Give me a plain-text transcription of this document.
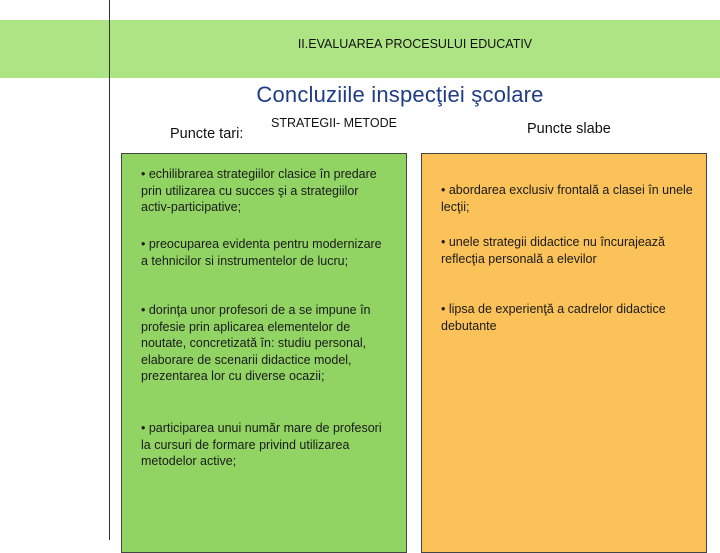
II.EVALUAREA PROCESULUI EDUCATIV
Concluziile inspecţiei şcolare
Puncte tari:
STRATEGII- METODE	Puncte slabe
• echilibrarea strategiilor clasice în predare prin utilizarea cu succes şi a strategiilor activ-participative;
• preocuparea evidenta pentru modernizare a tehnicilor si instrumentelor de lucru;
• dorinţa unor profesori de a se impune în profesie prin aplicarea elementelor de noutate, concretizată în: studiu personal, elaborare de scenarii didactice model, prezentarea lor cu diverse ocazii;
• participarea unui număr mare de profesori la cursuri de formare privind utilizarea metodelor active;
• abordarea exclusiv frontală a clasei în unele lecţii;
• unele strategii didactice nu încurajează reflecţia personală a elevilor
• lipsa de experienţă a cadrelor didactice debutante
